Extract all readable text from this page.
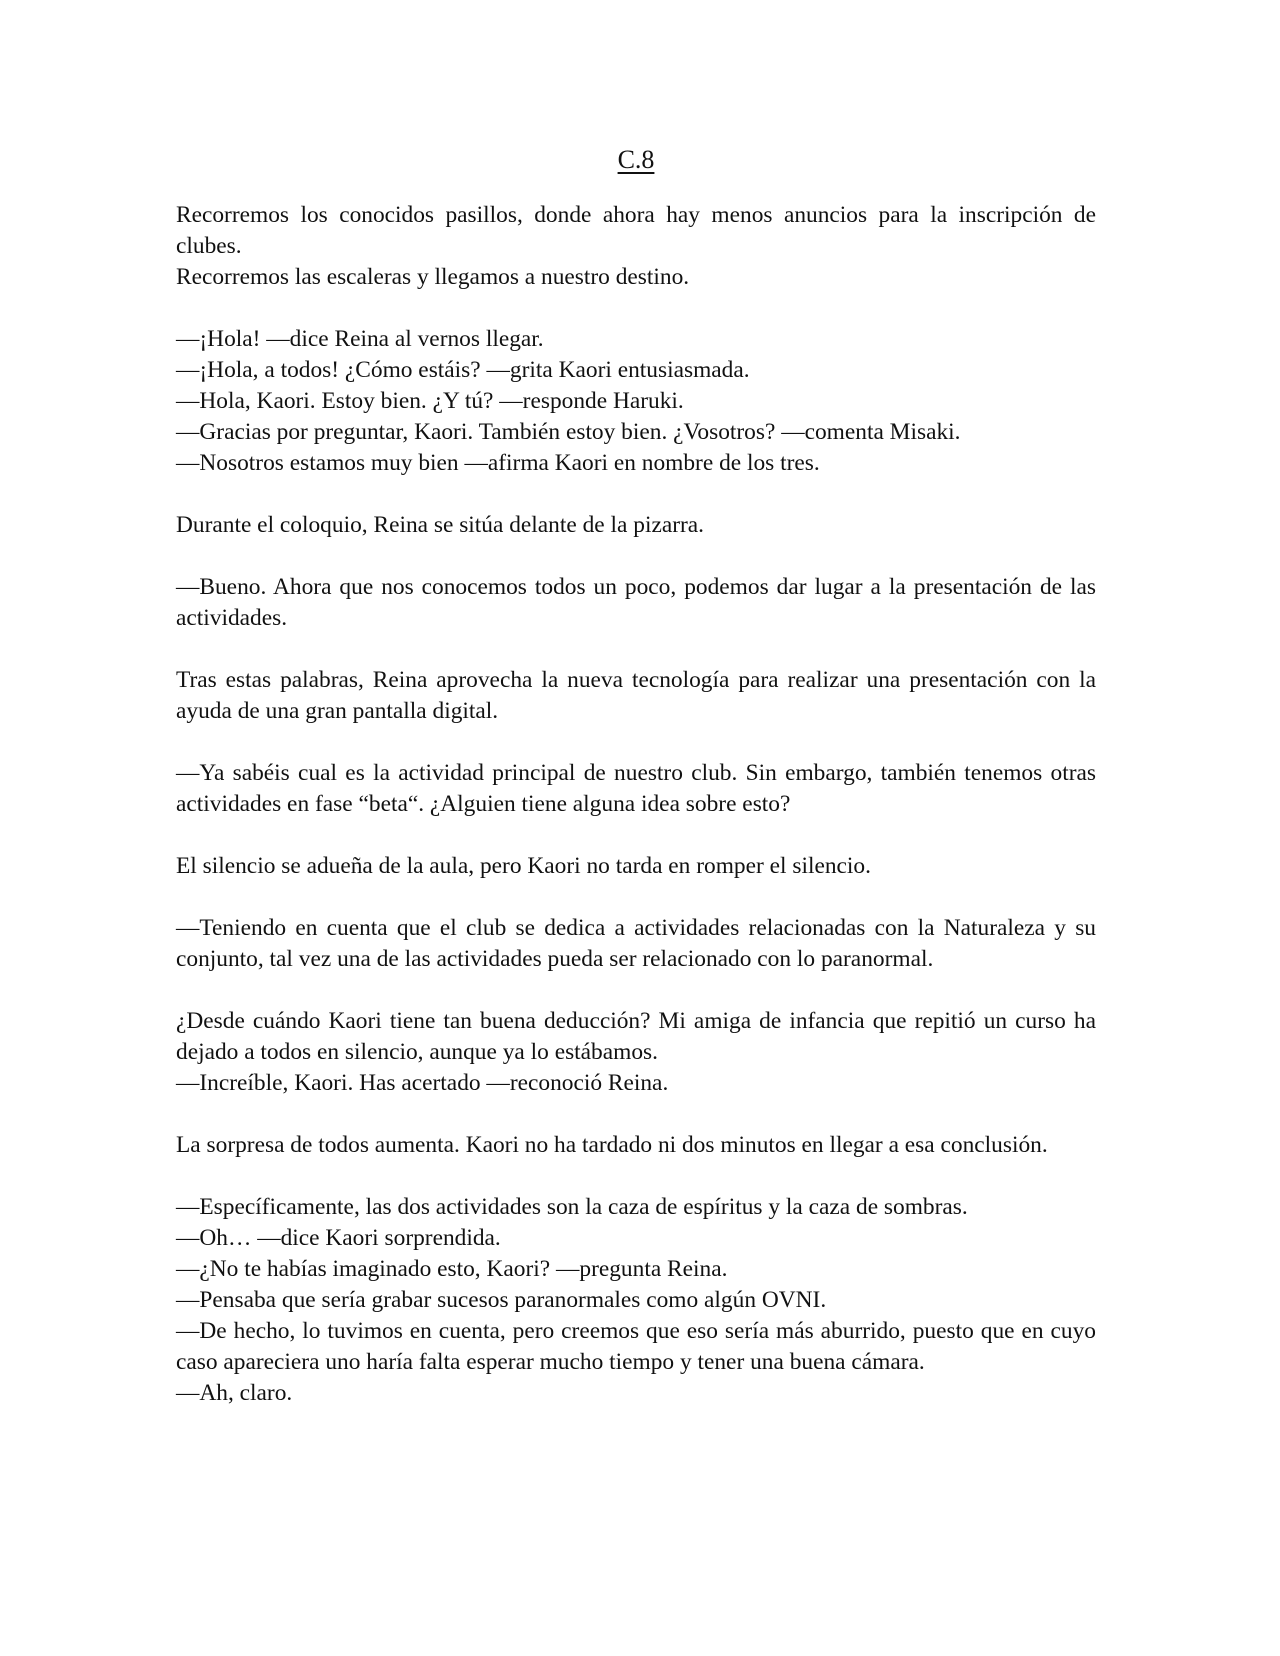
C.8
Recorremos los conocidos pasillos, donde ahora hay menos anuncios para la inscripción de clubes.
Recorremos las escaleras y llegamos a nuestro destino.
—¡Hola! —dice Reina al vernos llegar.
—¡Hola, a todos! ¿Cómo estáis? —grita Kaori entusiasmada.
—Hola, Kaori. Estoy bien. ¿Y tú? —responde Haruki.
—Gracias por preguntar, Kaori. También estoy bien. ¿Vosotros? —comenta Misaki.
—Nosotros estamos muy bien —afirma Kaori en nombre de los tres.
Durante el coloquio, Reina se sitúa delante de la pizarra.
—Bueno. Ahora que nos conocemos todos un poco, podemos dar lugar a la presentación de las actividades.
Tras estas palabras, Reina aprovecha la nueva tecnología para realizar una presentación con la ayuda de una gran pantalla digital.
—Ya sabéis cual es la actividad principal de nuestro club. Sin embargo, también tenemos otras actividades en fase “beta“. ¿Alguien tiene alguna idea sobre esto?
El silencio se adueña de la aula, pero Kaori no tarda en romper el silencio.
—Teniendo en cuenta que el club se dedica a actividades relacionadas con la Naturaleza y su conjunto, tal vez una de las actividades pueda ser relacionado con lo paranormal.
¿Desde cuándo Kaori tiene tan buena deducción? Mi amiga de infancia que repitió un curso ha dejado a todos en silencio, aunque ya lo estábamos.
—Increíble, Kaori. Has acertado —reconoció Reina.
La sorpresa de todos aumenta. Kaori no ha tardado ni dos minutos en llegar a esa conclusión.
—Específicamente, las dos actividades son la caza de espíritus y la caza de sombras.
—Oh… —dice Kaori sorprendida.
—¿No te habías imaginado esto, Kaori? —pregunta Reina.
—Pensaba que sería grabar sucesos paranormales como algún OVNI.
—De hecho, lo tuvimos en cuenta, pero creemos que eso sería más aburrido, puesto que en cuyo caso apareciera uno haría falta esperar mucho tiempo y tener una buena cámara.
—Ah, claro.
